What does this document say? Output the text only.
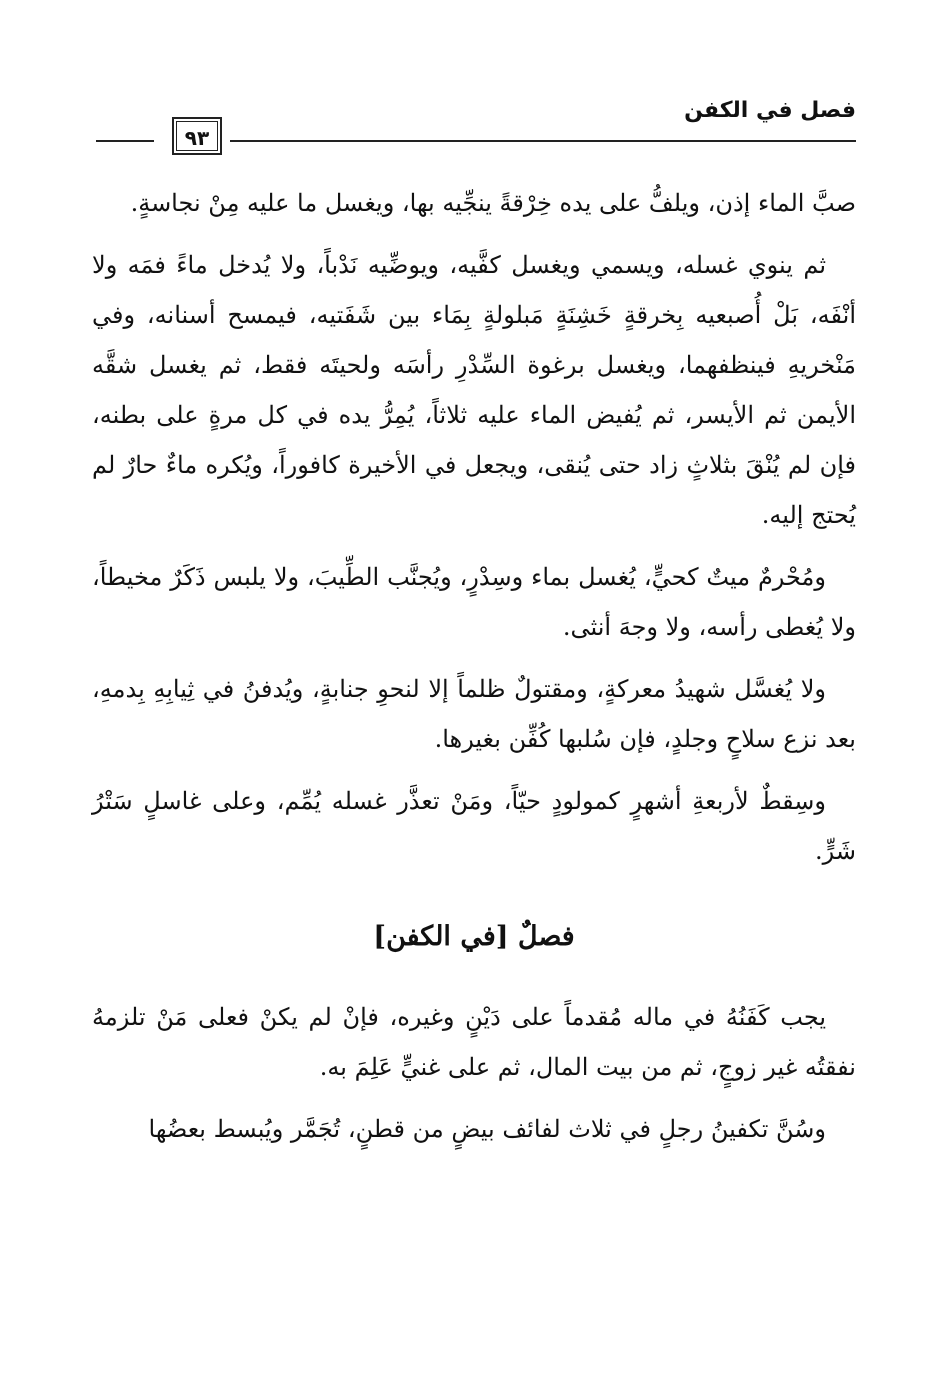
فصل في الكفن
٩٣

صبَّ الماء إذن، ويلفُّ على يده خِرْقةً ينجِّيه بها، ويغسل ما عليه مِنْ نجاسةٍ.

ثم ينوي غسله، ويسمي ويغسل كفَّيه، ويوضِّيه نَدْباً، ولا يُدخل ماءً فمَه ولا أنْفَه، بَلْ أُصبعيه بِخرقةٍ خَشِنَةٍ مَبلولةٍ بِمَاء بين شَفَتيه، فيمسح أسنانه، وفي مَنْخريهِ فينظفهما، ويغسل برغوة السِّدْرِ رأسَه ولحيتَه فقط، ثم يغسل شقَّه الأيمن ثم الأيسر، ثم يُفيض الماء عليه ثلاثاً، يُمِرُّ يده في كل مرةٍ على بطنه، فإن لم يُنْقَ بثلاثٍ زاد حتى يُنقى، ويجعل في الأخيرة كافوراً، ويُكره ماءٌ حارٌ لم يُحتج إليه.

ومُحْرمٌ ميتٌ كحيٍّ، يُغسل بماء وسِدْرٍ، ويُجنَّب الطِّيبَ، ولا يلبس ذَكَرٌ مخيطاً، ولا يُغطى رأسه، ولا وجهَ أنثى.

ولا يُغسَّل شهيدُ معركةٍ، ومقتولٌ ظلماً إلا لنحوِ جنابةٍ، ويُدفنُ في ثِيابِهِ بِدمهِ، بعد نزع سلاحٍ وجلدٍ، فإن سُلبها كُفِّن بغيرها.

وسِقطٌ لأربعةِ أشهرٍ كمولودٍ حيّاً، ومَنْ تعذَّر غسله يُمِّم، وعلى غاسلٍ سَتْرُ شَرٍّ.

فصلٌ [في الكفن]

يجب كَفَنُهُ في ماله مُقدماً على دَيْنٍ وغيره، فإنْ لم يكنْ فعلى مَنْ تلزمهُ نفقتُه غير زوجٍ، ثم من بيت المال، ثم على غنيٍّ عَلِمَ به.

وسُنَّ تكفينُ رجلٍ في ثلاث لفائف بيضٍ من قطنٍ، تُجَمَّر ويُبسط بعضُها
